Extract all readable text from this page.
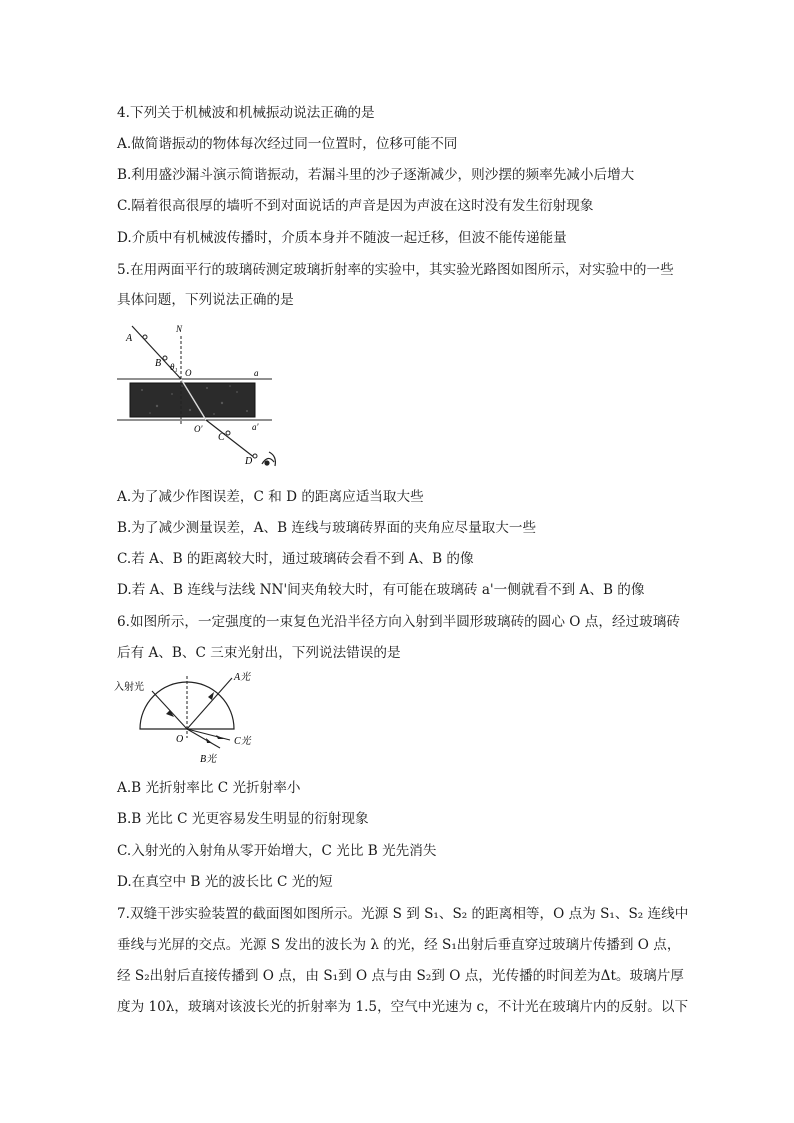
4.下列关于机械波和机械振动说法正确的是
A.做简谐振动的物体每次经过同一位置时，位移可能不同
B.利用盛沙漏斗演示简谐振动，若漏斗里的沙子逐渐减少，则沙摆的频率先减小后增大
C.隔着很高很厚的墙听不到对面说话的声音是因为声波在这时没有发生衍射现象
D.介质中有机械波传播时，介质本身并不随波一起迁移，但波不能传递能量
5.在用两面平行的玻璃砖测定玻璃折射率的实验中，其实验光路图如图所示，对实验中的一些
具体问题，下列说法正确的是
A
B
N
θ₁
O	a
O'
C
a'
D
A.为了减少作图误差，C 和 D 的距离应适当取大些
B.为了减少测量误差，A、B 连线与玻璃砖界面的夹角应尽量取大一些
C.若 A、B 的距离较大时，通过玻璃砖会看不到 A、B 的像
D.若 A、B 连线与法线 NN'间夹角较大时，有可能在玻璃砖 a'一侧就看不到 A、B 的像
6.如图所示，一定强度的一束复色光沿半径方向入射到半圆形玻璃砖的圆心 O 点，经过玻璃砖
后有 A、B、C 三束光射出，下列说法错误的是
入射光
A光
O	C光
B光
A.B 光折射率比 C 光折射率小
B.B 光比 C 光更容易发生明显的衍射现象
C.入射光的入射角从零开始增大，C 光比 B 光先消失
D.在真空中 B 光的波长比 C 光的短
7.双缝干涉实验装置的截面图如图所示。光源 S 到 S₁、S₂ 的距离相等，O 点为 S₁、S₂ 连线中
垂线与光屏的交点。光源 S 发出的波长为 λ 的光，经 S₁出射后垂直穿过玻璃片传播到 O 点，
经 S₂出射后直接传播到 O 点，由 S₁到 O 点与由 S₂到 O 点，光传播的时间差为Δt。玻璃片厚
度为 10λ，玻璃对该波长光的折射率为 1.5，空气中光速为 c，不计光在玻璃片内的反射。以下
